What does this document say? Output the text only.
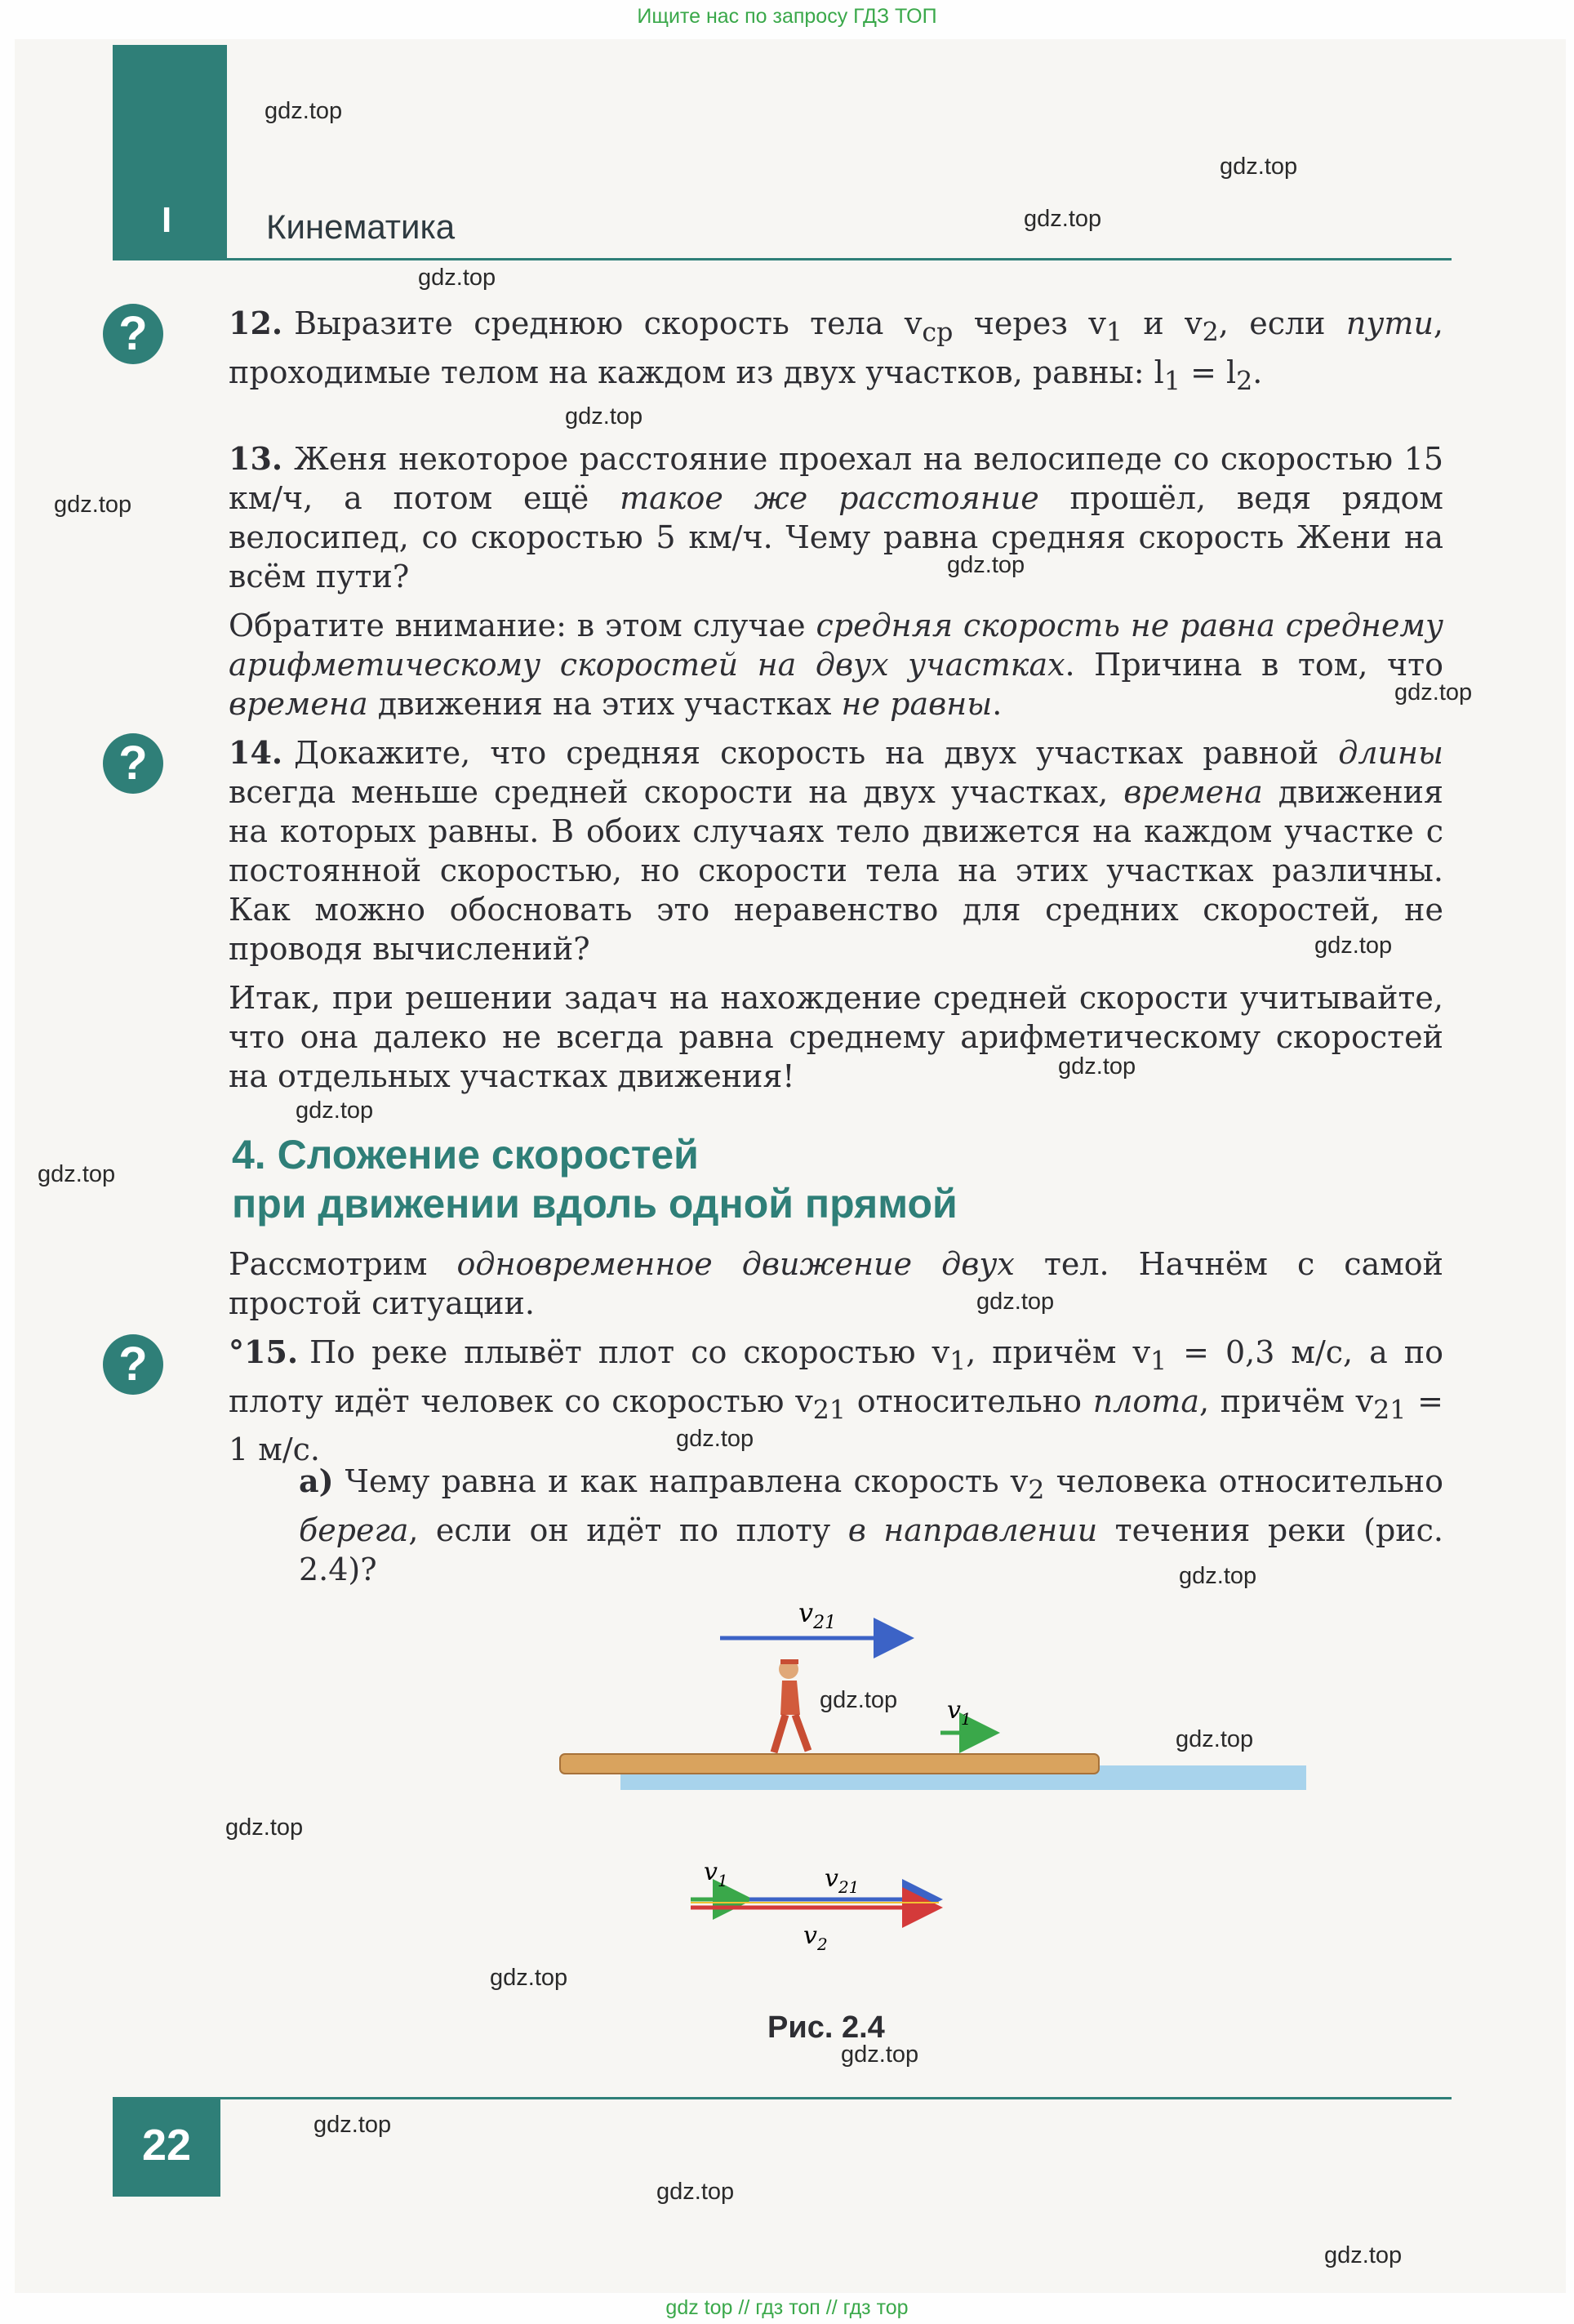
Ищите нас по запросу ГДЗ ТОП
I	Кинематика
?
?
?

12. Выразите среднюю скорость тела $v_{ср}$ через $v_1$ и $v_2$, если пути, проходимые телом на каждом из двух участков, равны: $l_1 = l_2$.

13. Женя некоторое расстояние проехал на велосипеде со скоростью 15 км/ч, а потом ещё такое же расстояние прошёл, ведя рядом велосипед, со скоростью 5 км/ч. Чему равна средняя скорость Жени на всём пути?

Обратите внимание: в этом случае средняя скорость не равна среднему арифметическому скоростей на двух участках. Причина в том, что времена движения на этих участках не равны.

14. Докажите, что средняя скорость на двух участках равной длины всегда меньше средней скорости на двух участках, времена движения на которых равны. В обоих случаях тело движется на каждом участке с постоянной скоростью, но скорости тела на этих участках различны. Как можно обосновать это неравенство для средних скоростей, не проводя вычислений?

Итак, при решении задач на нахождение средней скорости учитывайте, что она далеко не всегда равна среднему арифметическому скоростей на отдельных участках движения!

4. Сложение скоростей
при движении вдоль одной прямой

Рассмотрим одновременное движение двух тел. Начнём с самой простой ситуации.

°15. По реке плывёт плот со скоростью $v_1$, причём $v_1 = 0,3$ м/с, а по плоту идёт человек со скоростью $v_{21}$ относительно плота, причём $v_{21} = 1$ м/с.

а) Чему равна и как направлена скорость $v_2$ человека относительно берега, если он идёт по плоту в направлении течения реки (рис. 2.4)?

$v_{21}$
$v_1$
$v_1$	$v_{21}$
$v_2$
Рис. 2.4
22
gdz.top
gdz.top
gdz.top
gdz.top
gdz.top
gdz.top
gdz.top
gdz.top
gdz.top
gdz.top
gdz.top
gdz.top
gdz.top
gdz.top
gdz.top
gdz.top
gdz.top
gdz.top
gdz.top
gdz.top
gdz.top
gdz.top
gdz.top
gdz top // гдз топ // гдз тор
